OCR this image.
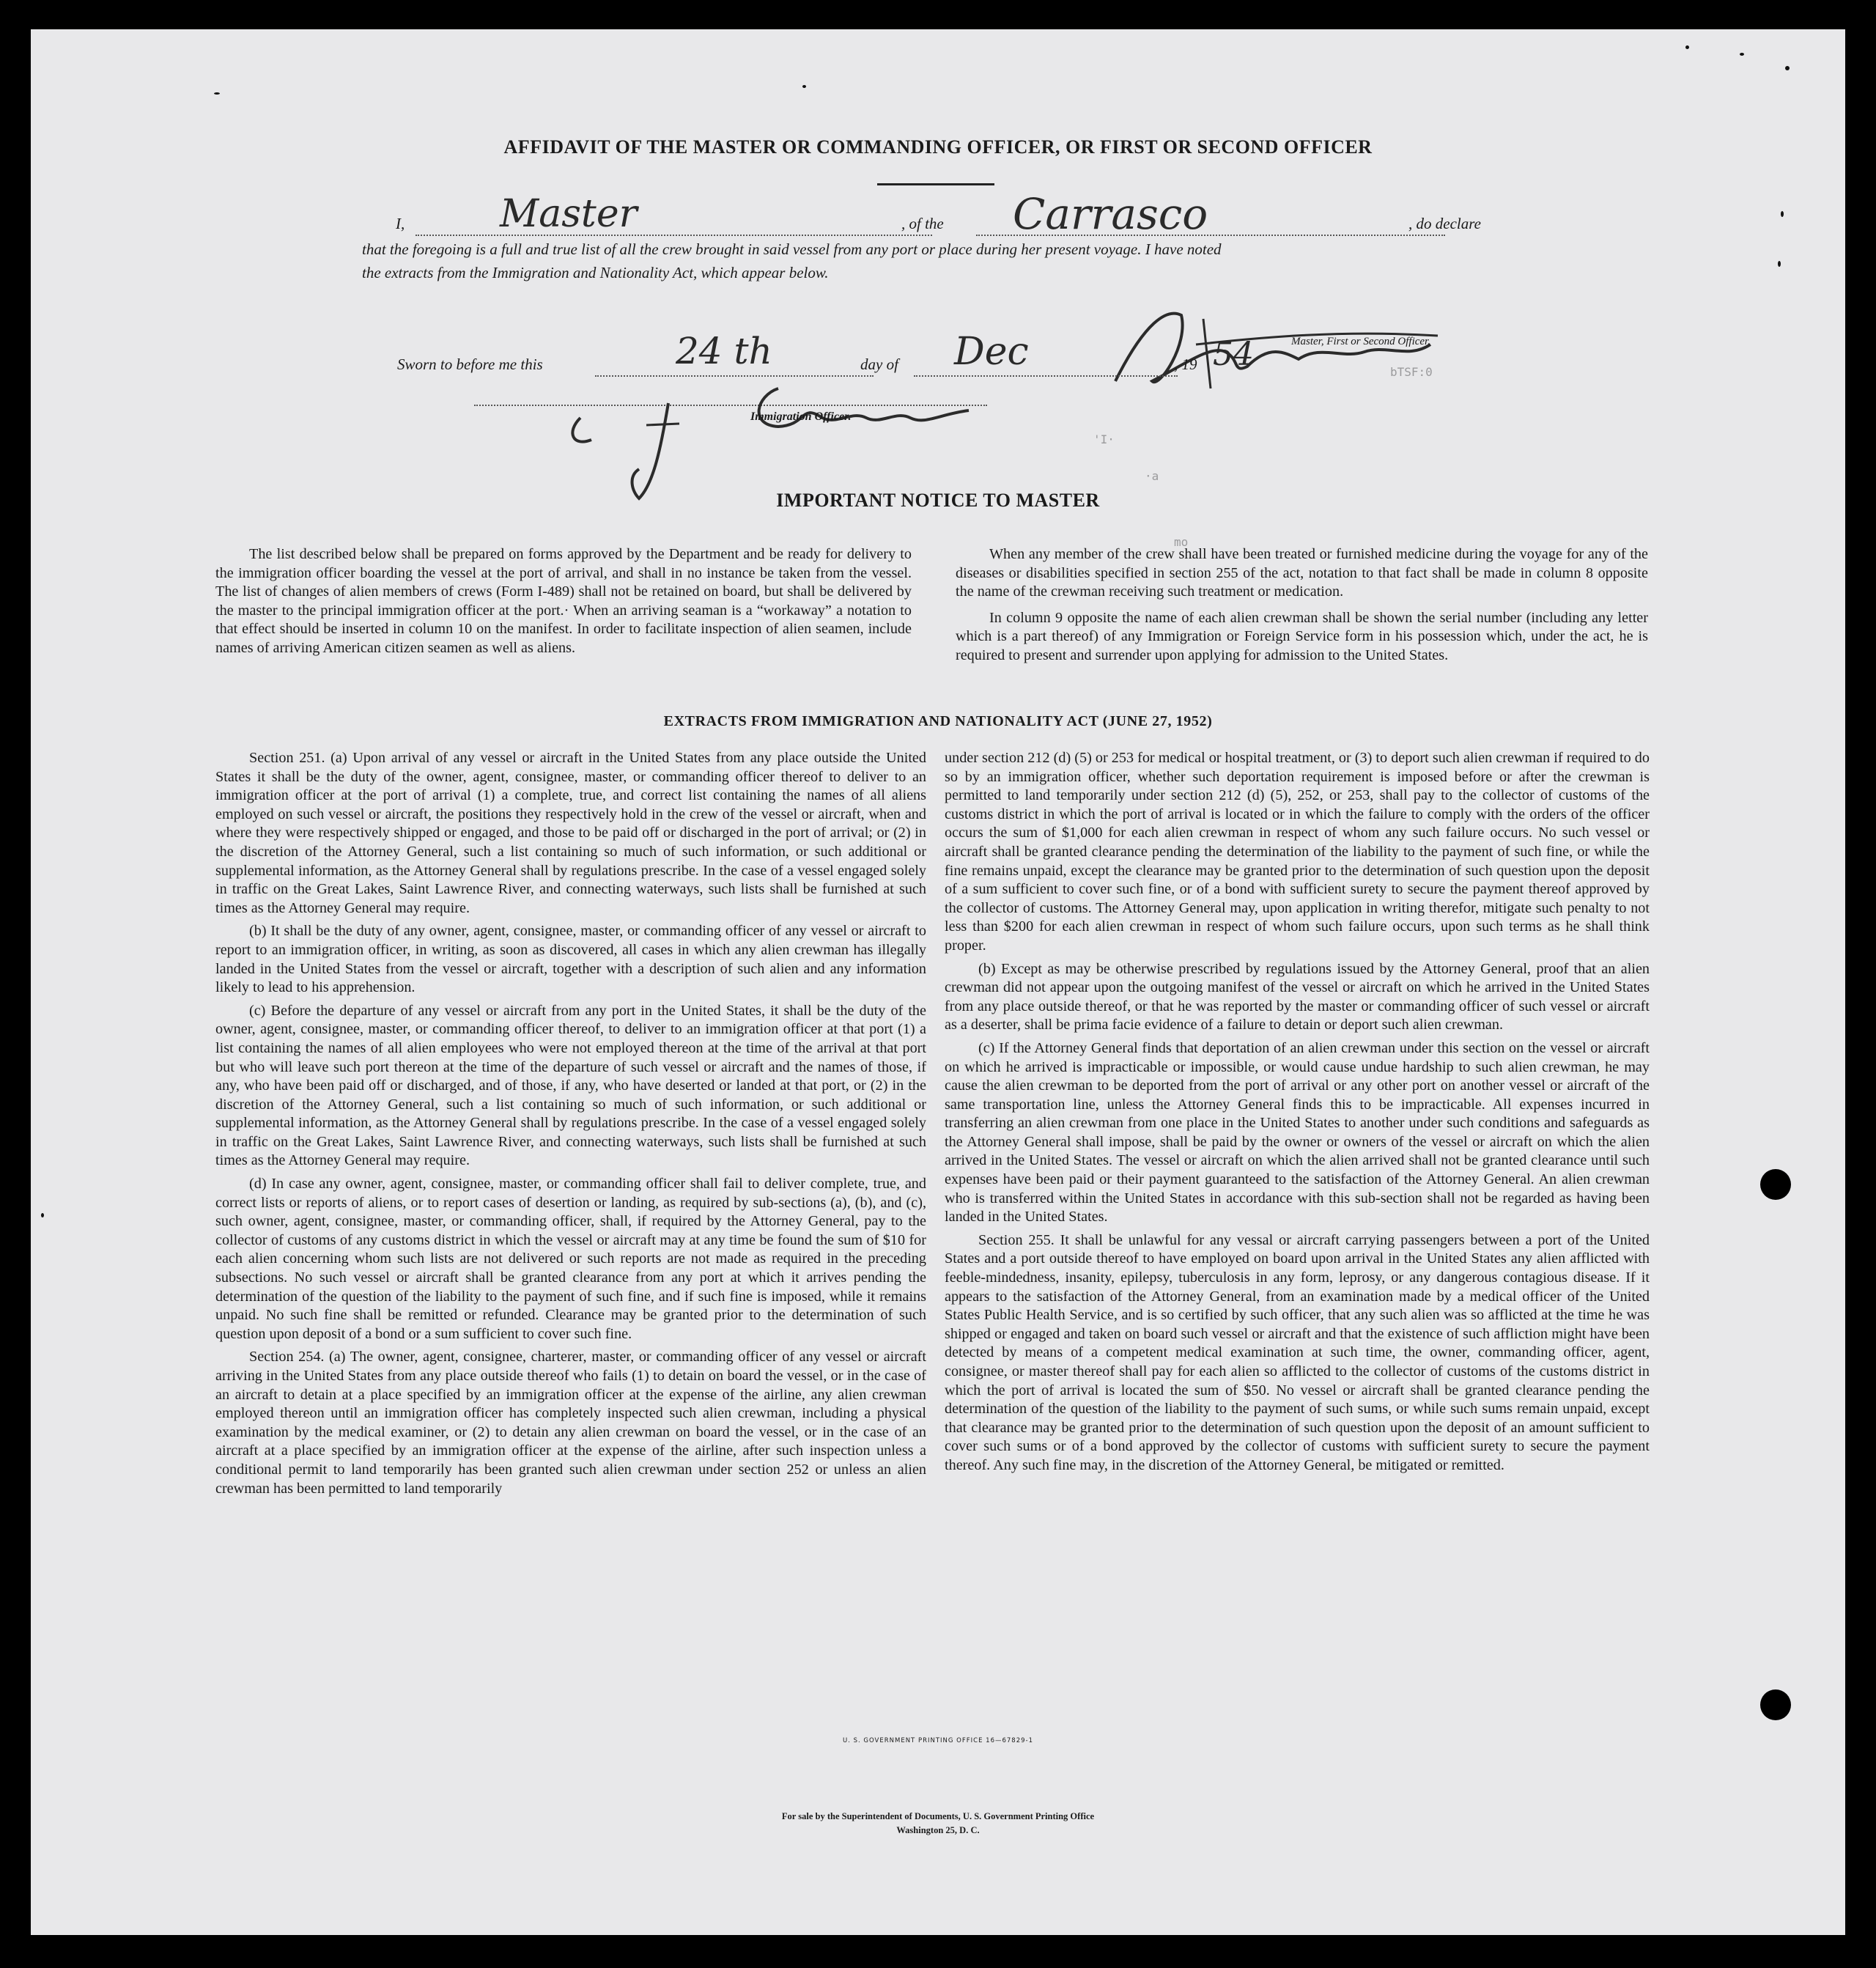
AFFIDAVIT OF THE MASTER OR COMMANDING OFFICER, OR FIRST OR SECOND OFFICER
I, Master	, of the Carrasco	, do declare
that the foregoing is a full and true list of all the crew brought in said vessel from any port or place during her present voyage. I have noted
the extracts from the Immigration and Nationality Act, which appear below.
Master, First or Second Officer.
Sworn to before me this	24 th	day of Dec	, 19 54
Immigration Officer.
bTSF:0
'I·
·a
mo
IMPORTANT NOTICE TO MASTER

The list described below shall be prepared on forms approved by the Department and be ready for delivery to the immigration officer boarding the vessel at the port of arrival, and shall in no instance be taken from the vessel. The list of changes of alien members of crews (Form I-489) shall not be retained on board, but shall be delivered by the master to the principal immigration officer at the port.· When an arriving seaman is a “workaway” a notation to that effect should be inserted in column 10 on the manifest. In order to facilitate inspection of alien seamen, include names of arriving American citizen seamen as well as aliens.

When any member of the crew shall have been treated or furnished medicine during the voyage for any of the diseases or disabilities specified in section 255 of the act, notation to that fact shall be made in column 8 opposite the name of the crewman receiving such treatment or medication.

In column 9 opposite the name of each alien crewman shall be shown the serial number (including any letter which is a part thereof) of any Immigration or Foreign Service form in his possession which, under the act, he is required to present and surrender upon applying for admission to the United States.

EXTRACTS FROM IMMIGRATION AND NATIONALITY ACT (JUNE 27, 1952)

Section 251. (a) Upon arrival of any vessel or aircraft in the United States from any place outside the United States it shall be the duty of the owner, agent, consignee, master, or commanding officer thereof to deliver to an immigration officer at the port of arrival (1) a complete, true, and correct list containing the names of all aliens employed on such vessel or aircraft, the positions they respectively hold in the crew of the vessel or aircraft, when and where they were respectively shipped or engaged, and those to be paid off or discharged in the port of arrival; or (2) in the discretion of the Attorney General, such a list containing so much of such information, or such additional or supplemental information, as the Attorney General shall by regulations prescribe. In the case of a vessel engaged solely in traffic on the Great Lakes, Saint Lawrence River, and connecting waterways, such lists shall be furnished at such times as the Attorney General may require.

(b) It shall be the duty of any owner, agent, consignee, master, or commanding officer of any vessel or aircraft to report to an immigration officer, in writing, as soon as discovered, all cases in which any alien crewman has illegally landed in the United States from the vessel or aircraft, together with a description of such alien and any information likely to lead to his apprehension.

(c) Before the departure of any vessel or aircraft from any port in the United States, it shall be the duty of the owner, agent, consignee, master, or commanding officer thereof, to deliver to an immigration officer at that port (1) a list containing the names of all alien employees who were not employed thereon at the time of the arrival at that port but who will leave such port thereon at the time of the departure of such vessel or aircraft and the names of those, if any, who have been paid off or discharged, and of those, if any, who have deserted or landed at that port, or (2) in the discretion of the Attorney General, such a list containing so much of such information, or such additional or supplemental information, as the Attorney General shall by regulations prescribe. In the case of a vessel engaged solely in traffic on the Great Lakes, Saint Lawrence River, and connecting waterways, such lists shall be furnished at such times as the Attorney General may require.

(d) In case any owner, agent, consignee, master, or commanding officer shall fail to deliver complete, true, and correct lists or reports of aliens, or to report cases of desertion or landing, as required by sub-sections (a), (b), and (c), such owner, agent, consignee, master, or commanding officer, shall, if required by the Attorney General, pay to the collector of customs of any customs district in which the vessel or aircraft may at any time be found the sum of $10 for each alien concerning whom such lists are not delivered or such reports are not made as required in the preceding subsections. No such vessel or aircraft shall be granted clearance from any port at which it arrives pending the determination of the question of the liability to the payment of such fine, and if such fine is imposed, while it remains unpaid. No such fine shall be remitted or refunded. Clearance may be granted prior to the determination of such question upon deposit of a bond or a sum sufficient to cover such fine.

Section 254. (a) The owner, agent, consignee, charterer, master, or commanding officer of any vessel or aircraft arriving in the United States from any place outside thereof who fails (1) to detain on board the vessel, or in the case of an aircraft to detain at a place specified by an immigration officer at the expense of the airline, any alien crewman employed thereon until an immigration officer has completely inspected such alien crewman, including a physical examination by the medical examiner, or (2) to detain any alien crewman on board the vessel, or in the case of an aircraft at a place specified by an immigration officer at the expense of the airline, after such inspection unless a conditional permit to land temporarily has been granted such alien crewman under section 252 or unless an alien crewman has been permitted to land temporarily

under section 212 (d) (5) or 253 for medical or hospital treatment, or (3) to deport such alien crewman if required to do so by an immigration officer, whether such deportation requirement is imposed before or after the crewman is permitted to land temporarily under section 212 (d) (5), 252, or 253, shall pay to the collector of customs of the customs district in which the port of arrival is located or in which the failure to comply with the orders of the officer occurs the sum of $1,000 for each alien crewman in respect of whom any such failure occurs. No such vessel or aircraft shall be granted clearance pending the determination of the liability to the payment of such fine, or while the fine remains unpaid, except the clearance may be granted prior to the determination of such question upon the deposit of a sum sufficient to cover such fine, or of a bond with sufficient surety to secure the payment thereof approved by the collector of customs. The Attorney General may, upon application in writing therefor, mitigate such penalty to not less than $200 for each alien crewman in respect of whom such failure occurs, upon such terms as he shall think proper.

(b) Except as may be otherwise prescribed by regulations issued by the Attorney General, proof that an alien crewman did not appear upon the outgoing manifest of the vessel or aircraft on which he arrived in the United States from any place outside thereof, or that he was reported by the master or commanding officer of such vessel or aircraft as a deserter, shall be prima facie evidence of a failure to detain or deport such alien crewman.

(c) If the Attorney General finds that deportation of an alien crewman under this section on the vessel or aircraft on which he arrived is impracticable or impossible, or would cause undue hardship to such alien crewman, he may cause the alien crewman to be deported from the port of arrival or any other port on another vessel or aircraft of the same transportation line, unless the Attorney General finds this to be impracticable. All expenses incurred in transferring an alien crewman from one place in the United States to another under such conditions and safeguards as the Attorney General shall impose, shall be paid by the owner or owners of the vessel or aircraft on which the alien arrived in the United States. The vessel or aircraft on which the alien arrived shall not be granted clearance until such expenses have been paid or their payment guaranteed to the satisfaction of the Attorney General. An alien crewman who is transferred within the United States in accordance with this sub-section shall not be regarded as having been landed in the United States.

Section 255. It shall be unlawful for any vessal or aircraft carrying passengers between a port of the United States and a port outside thereof to have employed on board upon arrival in the United States any alien afflicted with feeble-mindedness, insanity, epilepsy, tuberculosis in any form, leprosy, or any dangerous contagious disease. If it appears to the satisfaction of the Attorney General, from an examination made by a medical officer of the United States Public Health Service, and is so certified by such officer, that any such alien was so afflicted at the time he was shipped or engaged and taken on board such vessel or aircraft and that the existence of such affliction might have been detected by means of a competent medical examination at such time, the owner, commanding officer, agent, consignee, or master thereof shall pay for each alien so afflicted to the collector of customs of the customs district in which the port of arrival is located the sum of $50. No vessel or aircraft shall be granted clearance pending the determination of the question of the liability to the payment of such sums, or while such sums remain unpaid, except that clearance may be granted prior to the determination of such question upon the deposit of an amount sufficient to cover such sums or of a bond approved by the collector of customs with sufficient surety to secure the payment thereof. Any such fine may, in the discretion of the Attorney General, be mitigated or remitted.

U. S. GOVERNMENT PRINTING OFFICE 16—67829-1
For sale by the Superintendent of Documents, U. S. Government Printing Office
Washington 25, D. C.
